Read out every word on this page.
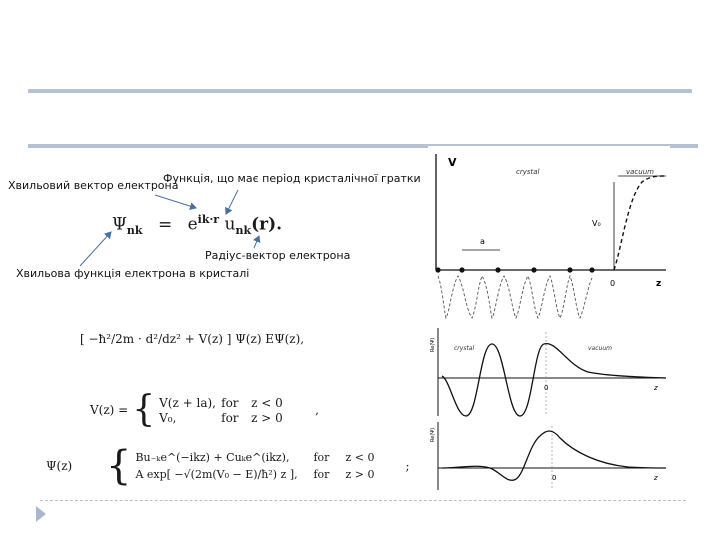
Хвильовий вектор електрона
Функція, що має період кристалічної гратки
Радіус-вектор електрона
Хвильова функція електрона в кристалі
$\Psi_{nk} = e^{ik\cdot r}$ $u_{nk}(r)$.
[ −ħ²/2m · d²/dz² + V(z) ] Ψ(z) EΨ(z),
V(z) = { V(z + la), for	z < 0
V₀,	for	z > 0
,
Ψ(z) { Bu₋ₖe^(−ikz) + Cuₖe^(ikz),	for	z < 0
A exp[ −√(2m(V₀ − E)/ħ²) z ],	for	z > 0
;
V
crystal	vacuum
V₀
a
0	z
Re(Ψ)	crystal	vacuum
0	z
Re(Ψ)
0	z
